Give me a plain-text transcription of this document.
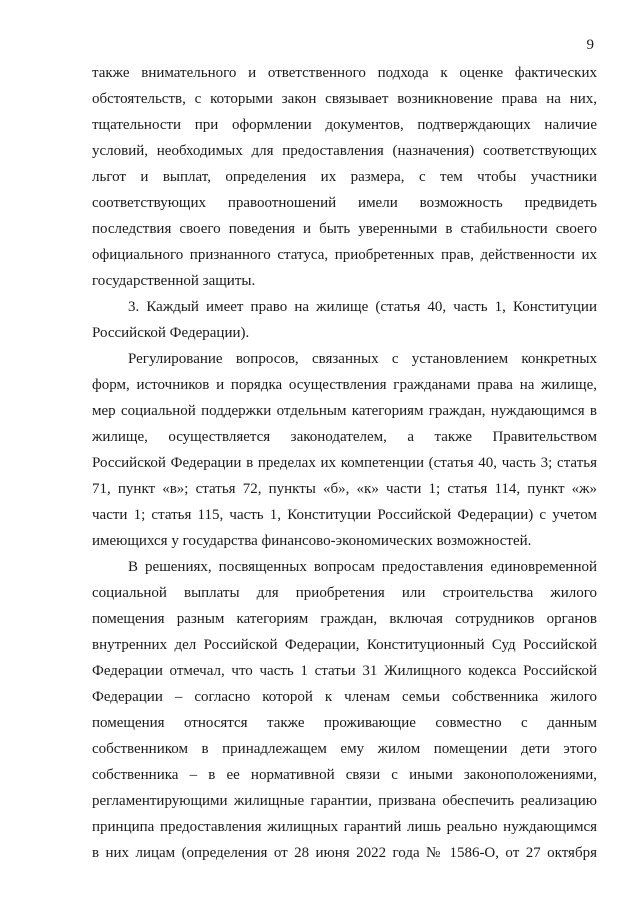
9
также внимательного и ответственного подхода к оценке фактических
обстоятельств, с которыми закон связывает возникновение права на них,
тщательности при оформлении документов, подтверждающих наличие
условий, необходимых для предоставления (назначения) соответствующих
льгот и выплат, определения их размера, с тем чтобы участники
соответствующих правоотношений имели возможность предвидеть
последствия своего поведения и быть уверенными в стабильности своего
официального признанного статуса, приобретенных прав, действенности их
государственной защиты.
3. Каждый имеет право на жилище (статья 40, часть 1, Конституции
Российской Федерации).
Регулирование вопросов, связанных с установлением конкретных
форм, источников и порядка осуществления гражданами права на жилище,
мер социальной поддержки отдельным категориям граждан, нуждающимся в
жилище, осуществляется законодателем, а также Правительством
Российской Федерации в пределах их компетенции (статья 40, часть 3; статья
71, пункт «в»; статья 72, пункты «б», «к» части 1; статья 114, пункт «ж»
части 1; статья 115, часть 1, Конституции Российской Федерации) с учетом
имеющихся у государства финансово-экономических возможностей.
В решениях, посвященных вопросам предоставления единовременной
социальной выплаты для приобретения или строительства жилого
помещения разным категориям граждан, включая сотрудников органов
внутренних дел Российской Федерации, Конституционный Суд Российской
Федерации отмечал, что часть 1 статьи 31 Жилищного кодекса Российской
Федерации – согласно которой к членам семьи собственника жилого
помещения относятся также проживающие совместно с данным
собственником в принадлежащем ему жилом помещении дети этого
собственника – в ее нормативной связи с иными законоположениями,
регламентирующими жилищные гарантии, призвана обеспечить реализацию
принципа предоставления жилищных гарантий лишь реально нуждающимся
в них лицам (определения от 28 июня 2022 года № 1586-О, от 27 октября
